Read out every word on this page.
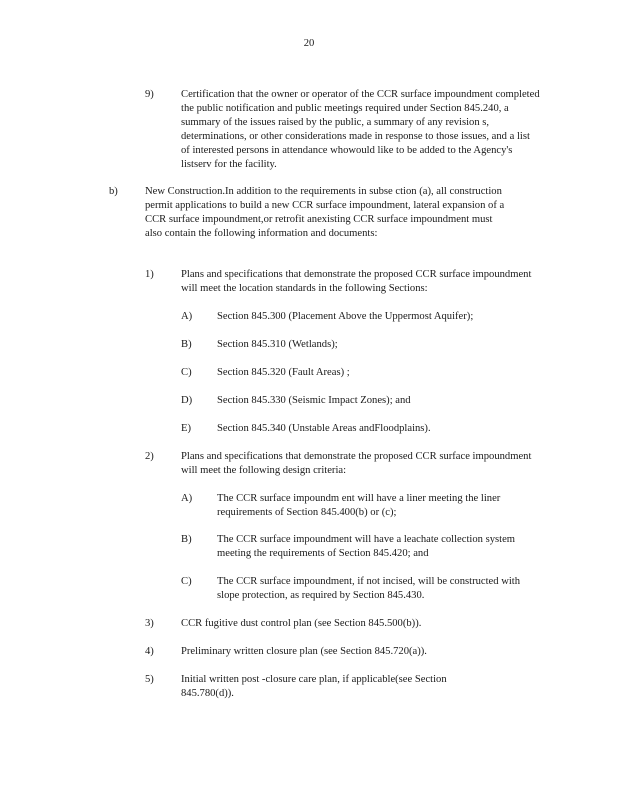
20
9)	Certification that the owner or operator of the CCR surface impoundment completed the public notification and public meetings required under Section 845.240, a summary of the issues raised by the public, a summary of any revision s, determinations, or other considerations made in response to those issues, and a list of interested persons in attendance whowould like to be added to the Agency's listserv for the facility.
b)	New Construction.In addition to the requirements in subse ction (a), all construction permit applications to build a new CCR surface impoundment, lateral expansion of a CCR surface impoundment,or retrofit anexisting CCR surface impoundment must also contain the following information and documents:
1)	Plans and specifications that demonstrate the proposed CCR surface impoundment will meet the location standards in the following Sections:
A) Section 845.300 (Placement Above the Uppermost Aquifer);
B) Section 845.310 (Wetlands);
C) Section 845.320 (Fault Areas) ;
D) Section 845.330 (Seismic Impact Zones); and
E) Section 845.340 (Unstable Areas andFloodplains).
2)	Plans and specifications that demonstrate the proposed CCR surface impoundment will meet the following design criteria:
A) The CCR surface impoundm ent will have a liner meeting the liner requirements of Section 845.400(b) or (c);
B) The CCR surface impoundment will have a leachate collection system meeting the requirements of Section 845.420; and
C) The CCR surface impoundment, if not incised, will be constructed with slope protection, as required by Section 845.430.
3)	CCR fugitive dust control plan (see Section 845.500(b)).
4)	Preliminary written closure plan (see Section 845.720(a)).
5)	Initial written post -closure care plan, if applicable(see Section 845.780(d)).
